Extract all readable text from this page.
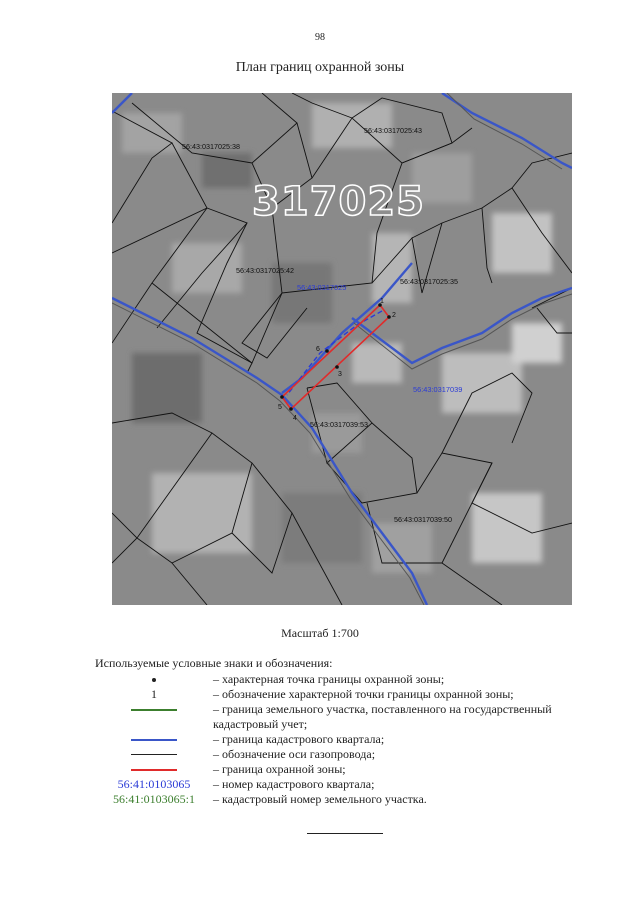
98
План границ охранной зоны
317025
1
2
3
4
5
6
56:43:0317025:38
56:43:0317025:43
56:43:0317025:42
56:43:0317025:35
56:43:0317039:53
56:43:0317039:50
56:43:0317025
56:43:0317039
Масштаб 1:700
Используемые условные знаки и обозначения:
– характерная точка границы охранной зоны;
1	– обозначение характерной точки границы охранной зоны;
– граница земельного участка, поставленного на государственный кадастровый учет;
– граница кадастрового квартала;
– обозначение оси газопровода;
– граница охранной зоны;
56:41:0103065	– номер кадастрового квартала;
56:41:0103065:1	– кадастровый номер земельного участка.
